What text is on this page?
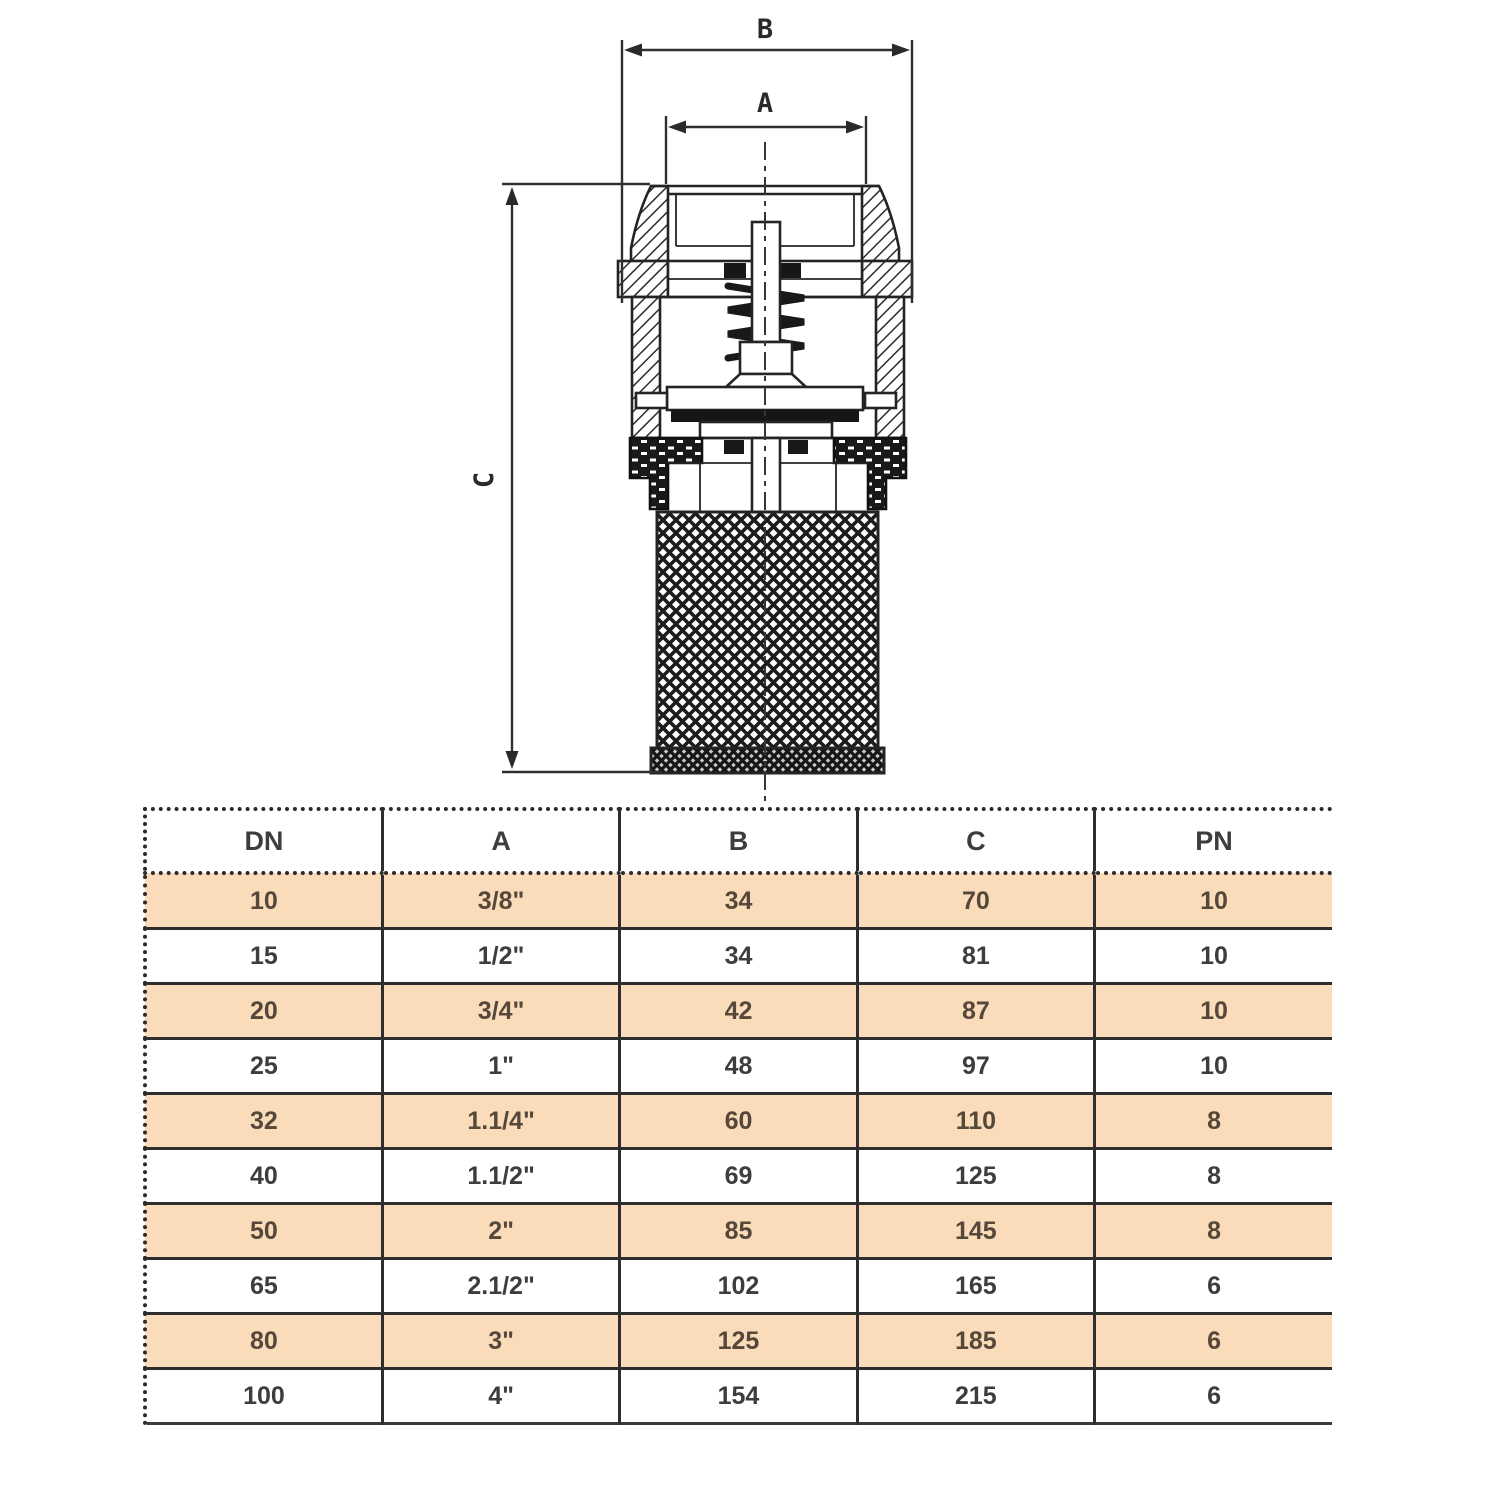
B
A
C
DN	A	B	C	PN
10	3/8"	34	70	10
15	1/2"	34	81	10
20	3/4"	42	87	10
25	1"	48	97	10
32	1.1/4"	60	110	8
40	1.1/2"	69	125	8
50	2"	85	145	8
65	2.1/2"	102	165	6
80	3"	125	185	6
100	4"	154	215	6
